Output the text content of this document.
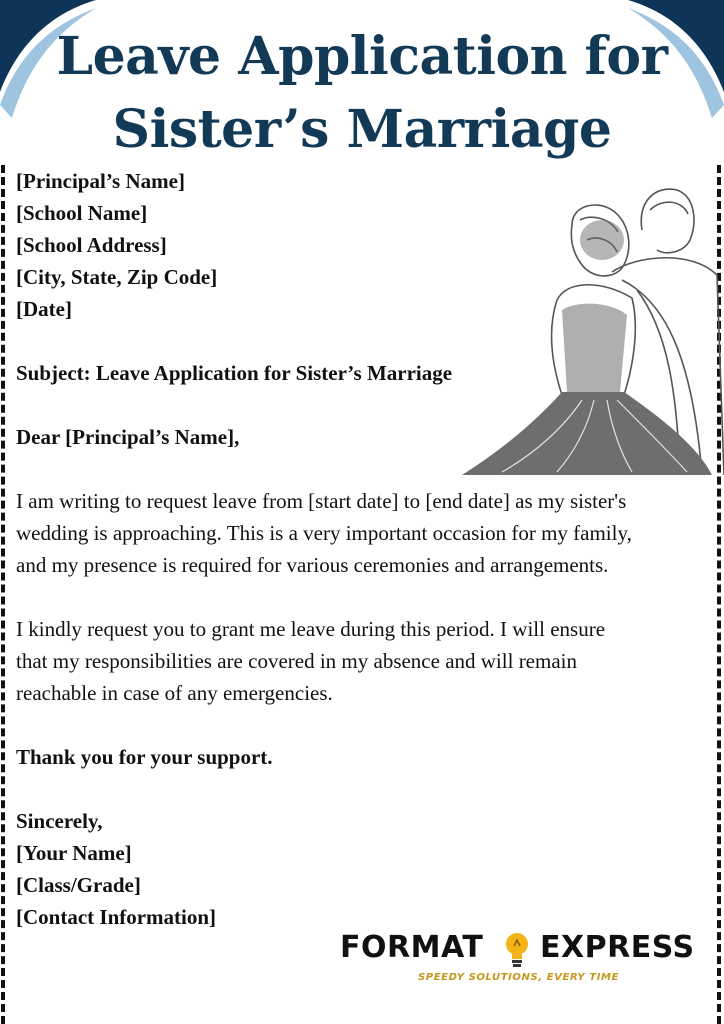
Leave Application for
Sister’s Marriage
[Principal’s Name]
[School Name]
[School Address]
[City, State, Zip Code]
[Date]
Subject: Leave Application for Sister’s Marriage
Dear [Principal’s Name],
I am writing to request leave from [start date] to [end date] as my sister's
wedding is approaching. This is a very important occasion for my family,
and my presence is required for various ceremonies and arrangements.
I kindly request you to grant me leave during this period. I will ensure
that my responsibilities are covered in my absence and will remain
reachable in case of any emergencies.
Thank you for your support.
Sincerely,
[Your Name]
[Class/Grade]
[Contact Information]
FORMAT EXPRESS
SPEEDY SOLUTIONS, EVERY TIME
